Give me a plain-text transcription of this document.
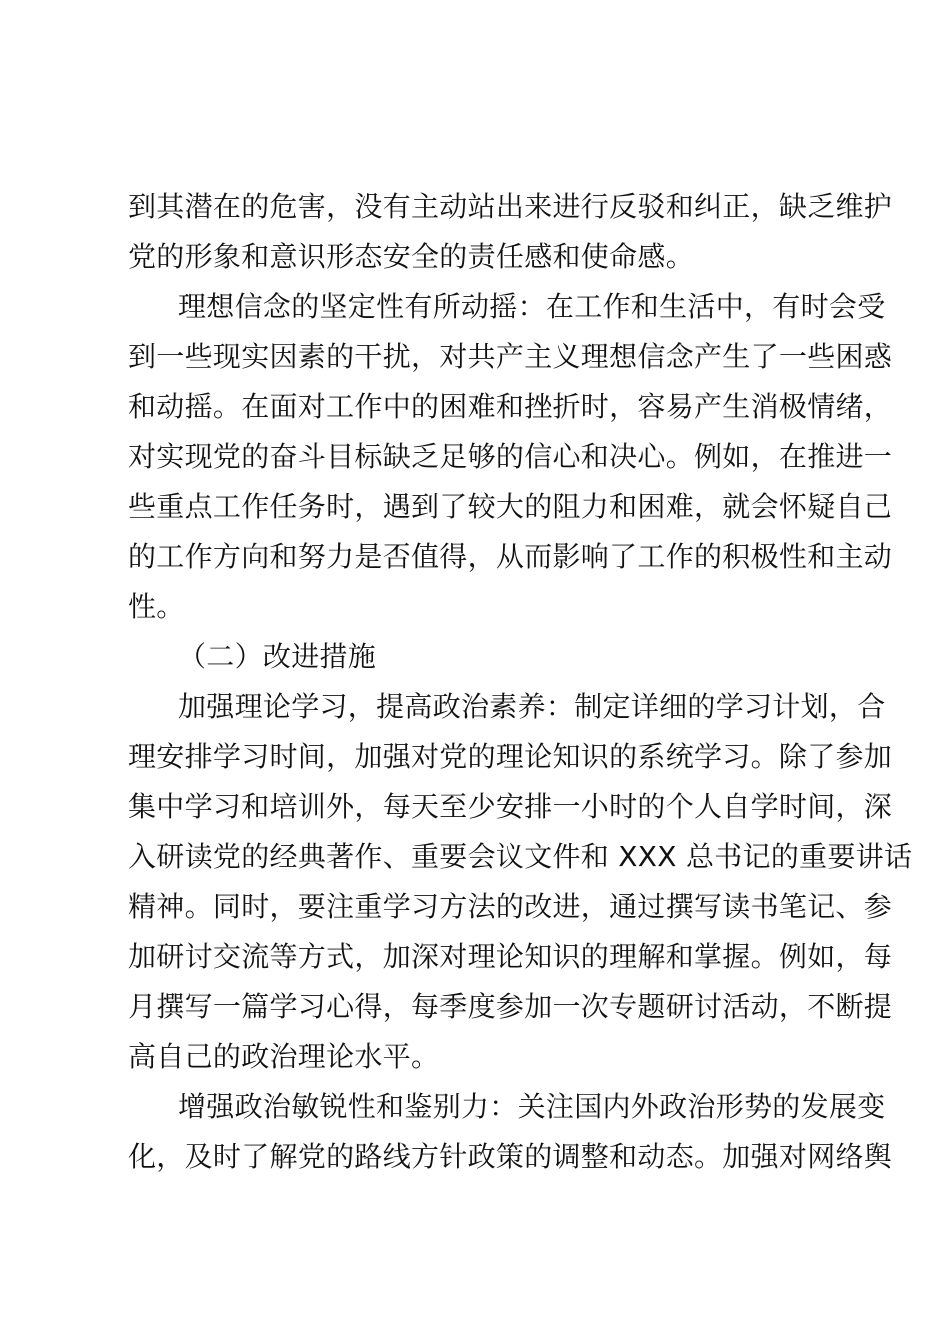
到其潜在的危害，没有主动站出来进行反驳和纠正，缺乏维护
党的形象和意识形态安全的责任感和使命感。
理想信念的坚定性有所动摇：在工作和生活中，有时会受
到一些现实因素的干扰，对共产主义理想信念产生了一些困惑
和动摇。在面对工作中的困难和挫折时，容易产生消极情绪，
对实现党的奋斗目标缺乏足够的信心和决心。例如，在推进一
些重点工作任务时，遇到了较大的阻力和困难，就会怀疑自己
的工作方向和努力是否值得，从而影响了工作的积极性和主动
性。
（二）改进措施
加强理论学习，提高政治素养：制定详细的学习计划，合
理安排学习时间，加强对党的理论知识的系统学习。除了参加
集中学习和培训外，每天至少安排一小时的个人自学时间，深
入研读党的经典著作、重要会议文件和 XXX 总书记的重要讲话
精神。同时，要注重学习方法的改进，通过撰写读书笔记、参
加研讨交流等方式，加深对理论知识的理解和掌握。例如，每
月撰写一篇学习心得，每季度参加一次专题研讨活动，不断提
高自己的政治理论水平。
增强政治敏锐性和鉴别力：关注国内外政治形势的发展变
化，及时了解党的路线方针政策的调整和动态。加强对网络舆
